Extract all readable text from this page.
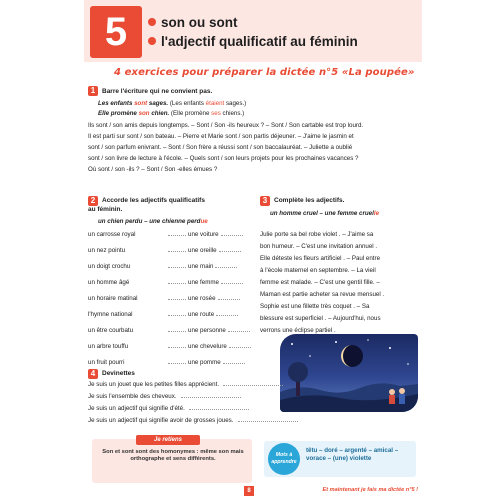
5	son ou sont
l'adjectif qualificatif au féminin
4 exercices pour préparer la dictée n°5 «La poupée»
1	Barre l'écriture qui ne convient pas.
Les enfants sont sages. (Les enfants étaient sages.)
Elle promène son chien. (Elle promène ses chiens.)
Ils sont / son amis depuis longtemps. – Sont / Son -ils heureux ? – Sont / Son cartable est trop lourd.
Il est parti sur sont / son bateau. – Pierre et Marie sont / son partis déjeuner. – J'aime le jasmin et
sont / son parfum enivrant. – Sont / Son frère a réussi sont / son baccalauréat. – Juliette a oublié
sont / son livre de lecture à l'école. – Quels sont / son leurs projets pour les prochaines vacances ?
Où sont / son -ils ? – Sont / Son -elles émues ?
2	Accorde les adjectifs qualificatifs
au féminin.
un chien perdu – une chienne perdue
un carrosse royal	une voiture
un nez pointu	une oreille
un doigt crochu	une main
un homme âgé	une femme
un horaire matinal	une rosée
l'hymne national	une route
un être courbatu	une personne
un arbre touffu	une chevelure
un fruit pourri	une pomme
3	Complète les adjectifs.
un homme cruel – une femme cruelle
Julie porte sa bel robe violet . – J'aime sa
bon humeur. – C'est une invitation annuel .
Elle déteste les fleurs artificiel . – Paul entre
à l'école maternel en septembre. – La vieil
femme est malade. – C'est une gentil fille. –
Maman est partie acheter sa revue mensuel .
Sophie est une fillette très coquet . – Sa
blessure est superficiel . – Aujourd'hui, nous
verrons une éclipse partiel .
4	Devinettes
Je suis un jouet que les petites filles apprécient.
Je suis l'ensemble des cheveux.
Je suis un adjectif qui signifie d'été.
Je suis un adjectif qui signifie avoir de grosses joues.
Je retiens
Son et sont sont des homonymes : même son mais orthographe et sens différents.
Mots à apprendre
têtu – doré – argenté – amical – vorace – (une) violette
8	Et maintenant je fais ma dictée n°5 !
